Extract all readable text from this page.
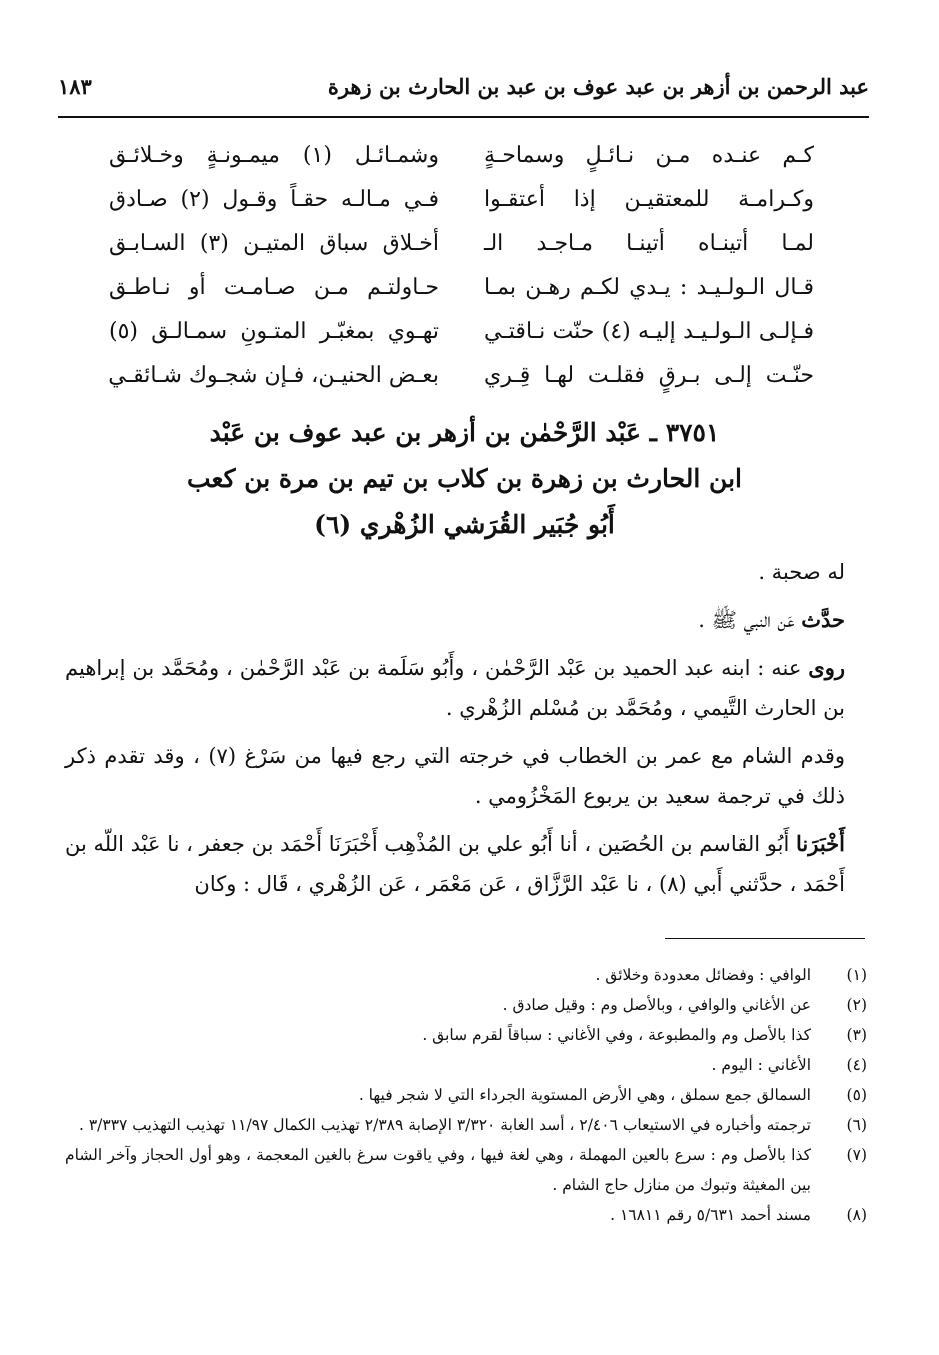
عبد الرحمن بن أزهر بن عبد عوف بن عبد بن الحارث بن زهرة
١٨٣
كـم عنـده مـن نـائـلٍ وسماحـةٍ
وشمـائـل (١) ميمـونـةٍ وخـلائـق
وكـرامـة للمعتقيـن إذا أعتقـوا
فـي مـالـه حقـاً وقـول (٢) صـادق
لمـا أتينـاه أتينـا مـاجـد الـ
أخـلاق سباق المتيـن (٣) السـابـق
قـال الـولـيـد : يـدي لكـم رهـن بمـا
حـاولتـم مـن صـامـت أو نـاطـق
فـإلـى الـولـيـد إليـه (٤) حنّت نـاقتـي
تهـوي بمغبّـر المتـونِ سمـالـق (٥)
حنّـت إلـى بـرقٍ فقلـت لهـا قِـري
بعـض الحنيـن، فـإن شجـوك شـائقـي
٣٧٥١ ـ عَبْد الرَّحْمٰن بن أزهر بن عبد عوف بن عَبْد
ابن الحارث بن زهرة بن كلاب بن تيم بن مرة بن كعب
أَبُو جُبَير القُرَشي الزُهْري (٦)

له صحبة .

حدَّث عَن النبي ﷺ .

روى عنه : ابنه عبد الحميد بن عَبْد الرَّحْمٰن ، وأَبُو سَلَمة بن عَبْد الرَّحْمٰن ، ومُحَمَّد بن إبراهيم بن الحارث التَّيمي ، ومُحَمَّد بن مُسْلم الزُهْري .

وقدم الشام مع عمر بن الخطاب في خرجته التي رجع فيها من سَرْغ (٧) ، وقد تقدم ذكر ذلك في ترجمة سعيد بن يربوع المَخْزُومي .

أَخْبَرَنا أَبُو القاسم بن الحُصَين ، أنا أَبُو علي بن المُذْهِب أَخْبَرَنَا أَحْمَد بن جعفر ، نا عَبْد اللّه بن أَحْمَد ، حدَّثني أَبي (٨) ، نا عَبْد الرَّزَّاق ، عَن مَعْمَر ، عَن الزُهْري ، قَال : وكان

(١)
الوافي : وفضائل معدودة وخلائق .
(٢)
عن الأغاني والوافي ، وبالأصل وم : وقيل صادق .
(٣)
كذا بالأصل وم والمطبوعة ، وفي الأغاني : سباقاً لقرم سابق .
(٤)
الأغاني : اليوم .
(٥)
السمالق جمع سملق ، وهي الأرض المستوية الجرداء التي لا شجر فيها .
(٦)
ترجمته وأخباره في الاستيعاب ٢/٤٠٦ ، أسد الغابة ٣/٣٢٠ الإصابة ٢/٣٨٩ تهذيب الكمال ١١/٩٧ تهذيب التهذيب ٣/٣٣٧ .
(٧)
كذا بالأصل وم : سرع بالعين المهملة ، وهي لغة فيها ، وفي ياقوت سرغ بالغين المعجمة ، وهو أول الحجاز وآخر الشام بين المغيثة وتبوك من منازل حاج الشام .
(٨)
مسند أحمد ٥/٦٣١ رقم ١٦٨١١ .
